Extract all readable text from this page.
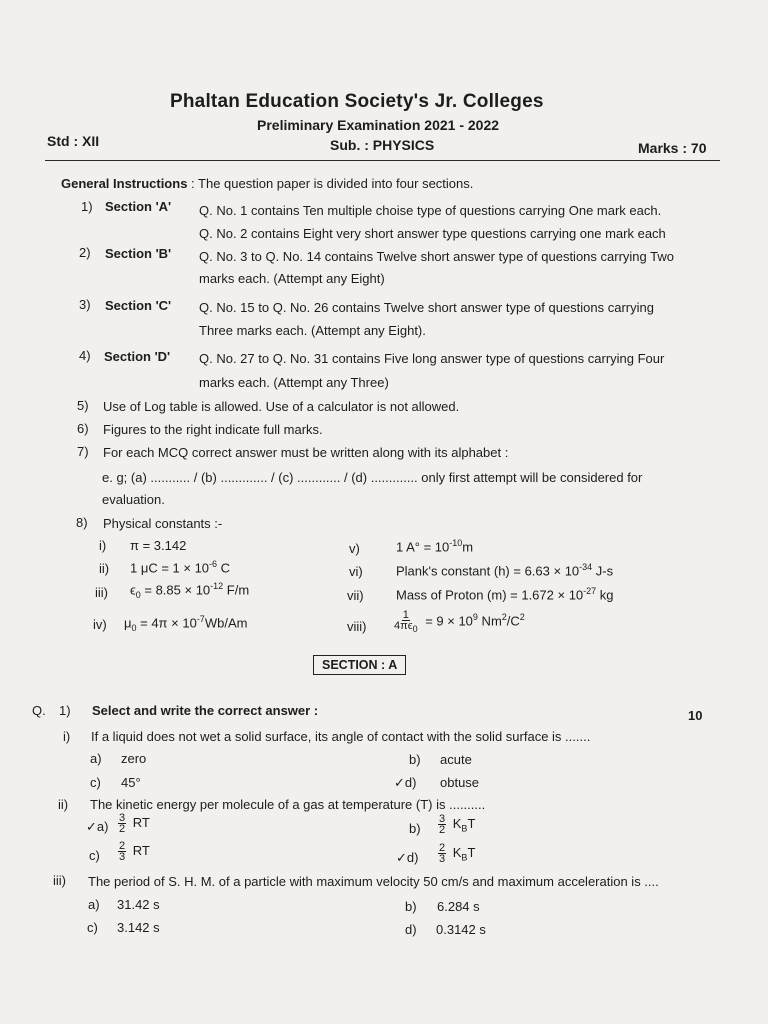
Phaltan Education Society's Jr. Colleges
Preliminary Examination 2021 - 2022
Std : XII	Sub. : PHYSICS	Marks : 70
General Instructions : The question paper is divided into four sections.
1) Section 'A' Q. No. 1 contains Ten multiple choise type of questions carrying One mark each.
Q. No. 2 contains Eight very short answer type questions carrying one mark each
2) Section 'B' Q. No. 3 to Q. No. 14 contains Twelve short answer type of questions carrying Two
marks each. (Attempt any Eight)
3) Section 'C' Q. No. 15 to Q. No. 26 contains Twelve short answer type of questions carrying
Three marks each. (Attempt any Eight).
4) Section 'D' Q. No. 27 to Q. No. 31 contains Five long answer type of questions carrying Four
marks each. (Attempt any Three)
5) Use of Log table is allowed. Use of a calculator is not allowed.
6) Figures to the right indicate full marks.
7) For each MCQ correct answer must be written along with its alphabet :
e. g; (a) ........... / (b) ............. / (c) ............ / (d) ............. only first attempt will be considered for
evaluation.
8) Physical constants :-
i) π = 3.142
ii) 1 $\mu C = 1 \times 10^{-6}$ C
iii) $\epsilon_0 = 8.85 \times 10^{-12}$ F/m
iv) $\mu_0 = 4\pi \times 10^{-7}Wb/Am$
v)	1 $A^\circ = 10^{-10}m$
vi)	Plank's constant $(h) = 6.63 \times 10^{-34}$ J-s
vii) Mass of Proton $(m) = 1.672 \times 10^{-27}$ kg
viii) $\frac{1}{4\pi\epsilon_0} = 9 \times 10^9$ $Nm^2/C^2$
SECTION : A
Q. 1) Select and write the correct answer :	10
i) If a liquid does not wet a solid surface, its angle of contact with the solid surface is .......
a) zero	b) acute
c) 45°	✓d) obtuse
ii) The kinetic energy per molecule of a gas at temperature (T) is ..........
✓a) $\frac{3}{2}$ RT	$b) \frac{3}{2} K_BT$
$c) \frac{2}{3}$ RT	✓d) $\frac{2}{3} K_BT$
iii) The period of S. H. M. of a particle with maximum velocity 50 cm/s and maximum acceleration is ....
a) 31.42 s	b) 6.284 s
c) 3.142 s	d) 0.3142 s
